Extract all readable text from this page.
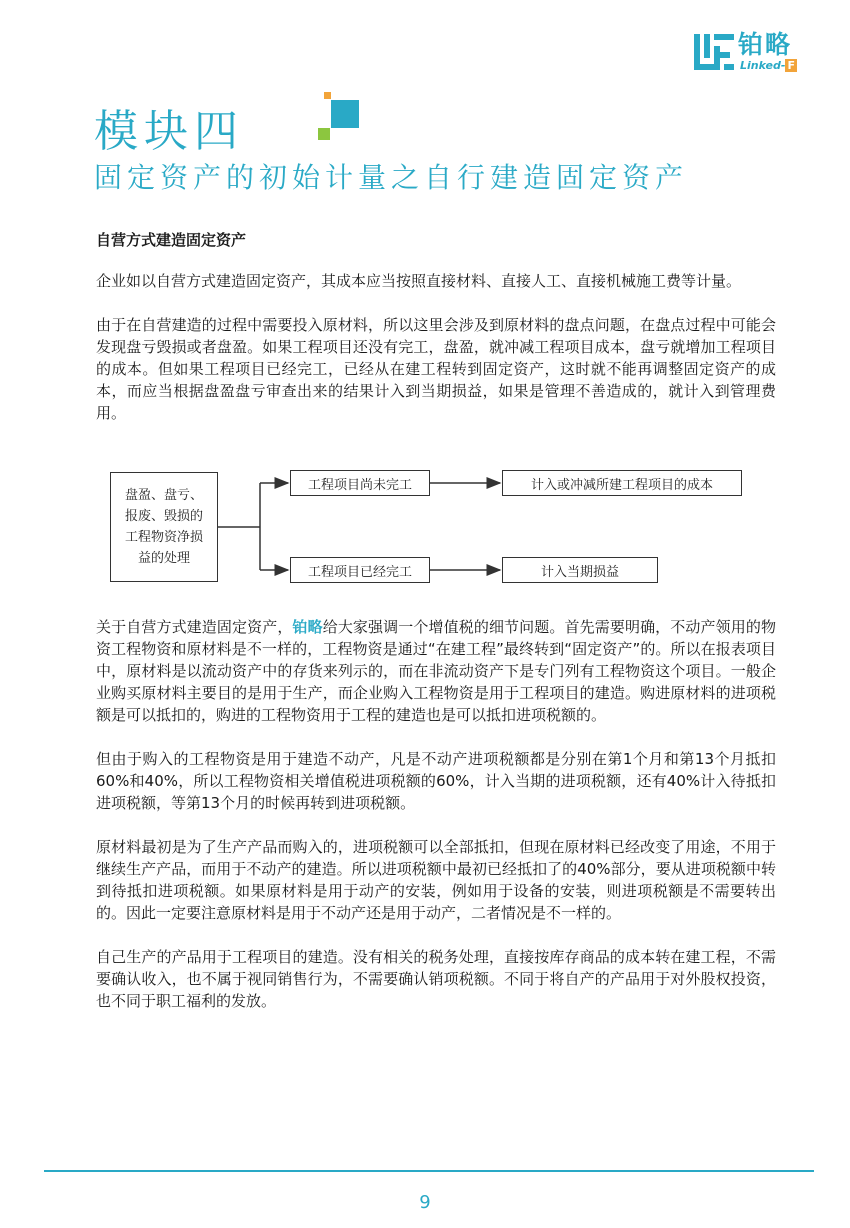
铂略
Linked- F
模块四
固定资产的初始计量之自行建造固定资产
自营方式建造固定资产

企业如以自营方式建造固定资产，其成本应当按照直接材料、直接人工、直接机械施工费等计量。

由于在自营建造的过程中需要投入原材料，所以这里会涉及到原材料的盘点问题，在盘点过程中可能会发现盘亏毁损或者盘盈。如果工程项目还没有完工，盘盈，就冲减工程项目成本，盘亏就增加工程项目的成本。但如果工程项目已经完工，已经从在建工程转到固定资产，这时就不能再调整固定资产的成本，而应当根据盘盈盘亏审查出来的结果计入到当期损益，如果是管理不善造成的，就计入到管理费用。

关于自营方式建造固定资产，铂略给大家强调一个增值税的细节问题。首先需要明确，不动产领用的物资工程物资和原材料是不一样的，工程物资是通过“在建工程”最终转到“固定资产”的。所以在报表项目中，原材料是以流动资产中的存货来列示的，而在非流动资产下是专门列有工程物资这个项目。一般企业购买原材料主要目的是用于生产，而企业购入工程物资是用于工程项目的建造。购进原材料的进项税额是可以抵扣的，购进的工程物资用于工程的建造也是可以抵扣进项税额的。

但由于购入的工程物资是用于建造不动产，凡是不动产进项税额都是分别在第1个月和第13个月抵扣60%和40%，所以工程物资相关增值税进项税额的60%，计入当期的进项税额，还有40%计入待抵扣进项税额，等第13个月的时候再转到进项税额。

原材料最初是为了生产产品而购入的，进项税额可以全部抵扣，但现在原材料已经改变了用途，不用于继续生产产品，而用于不动产的建造。所以进项税额中最初已经抵扣了的40%部分，要从进项税额中转到待抵扣进项税额。如果原材料是用于动产的安装，例如用于设备的安装，则进项税额是不需要转出的。因此一定要注意原材料是用于不动产还是用于动产，二者情况是不一样的。

自己生产的产品用于工程项目的建造。没有相关的税务处理，直接按库存商品的成本转在建工程，不需要确认收入，也不属于视同销售行为，不需要确认销项税额。不同于将自产的产品用于对外股权投资，也不同于职工福利的发放。

盘盈、盘亏、
报废、毁损的
工程物资净损
益的处理
工程项目尚未完工	计入或冲减所建工程项目的成本
工程项目已经完工	计入当期损益
9
